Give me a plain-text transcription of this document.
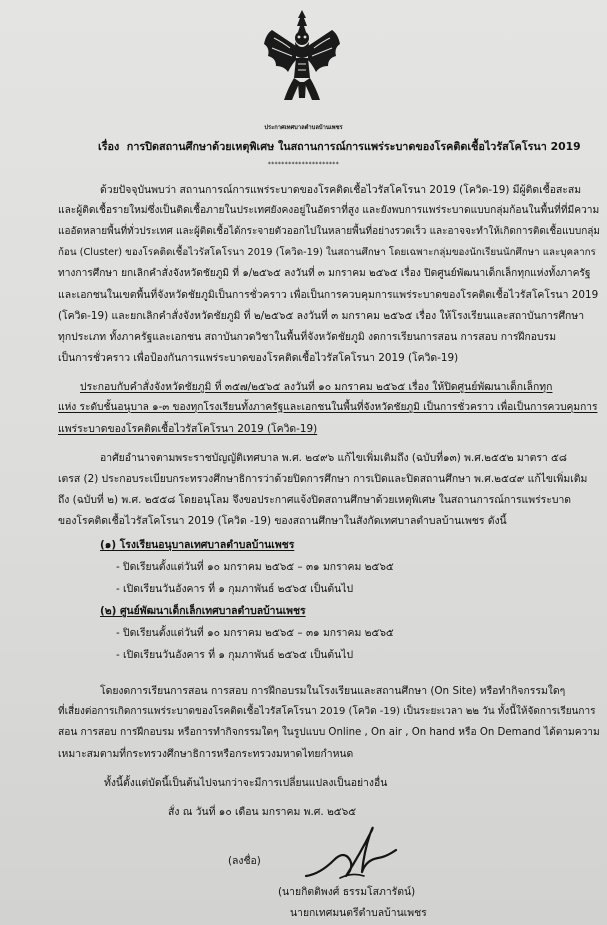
ประกาศเทศบาลตำบลบ้านเพชร
เรื่อง การปิดสถานศึกษาด้วยเหตุพิเศษ ในสถานการณ์การแพร่ระบาดของโรคติดเชื้อไวรัสโคโรนา 2019
*********************
ด้วยปัจจุบันพบว่า สถานการณ์การแพร่ระบาดของโรคติดเชื้อไวรัสโคโรนา 2019 (โควิด-19) มีผู้ติดเชื้อสะสม
และผู้ติดเชื้อรายใหม่ซึ่งเป็นติดเชื้อภายในประเทศยังคงอยู่ในอัตราที่สูง และยังพบการแพร่ระบาดแบบกลุ่มก้อนในพื้นที่ที่มีความ
แออัดหลายพื้นที่ทั่วประเทศ และผู้ติดเชื้อได้กระจายตัวออกไปในหลายพื้นที่อย่างรวดเร็ว และอาจจะทำให้เกิดการติดเชื้อแบบกลุ่ม
ก้อน (Cluster) ของโรคติดเชื้อไวรัสโคโรนา 2019 (โควิด-19) ในสถานศึกษา โดยเฉพาะกลุ่มของนักเรียนนักศึกษา และบุคลากร
ทางการศึกษา ยกเลิกคำสั่งจังหวัดชัยภูมิ ที่ ๑/๒๕๖๕ ลงวันที่ ๓ มกราคม ๒๕๖๕ เรื่อง ปิดศูนย์พัฒนาเด็กเล็กทุกแห่งทั้งภาครัฐ
และเอกชนในเขตพื้นที่จังหวัดชัยภูมิเป็นการชั่วคราว เพื่อเป็นการควบคุมการแพร่ระบาดของโรคติดเชื้อไวรัสโคโรนา 2019
(โควิด-19) และยกเลิกคำสั่งจังหวัดชัยภูมิ ที่ ๒/๒๕๖๕ ลงวันที่ ๓ มกราคม ๒๕๖๕ เรื่อง ให้โรงเรียนและสถาบันการศึกษา
ทุกประเภท ทั้งภาครัฐและเอกชน สถาบันกวดวิชาในพื้นที่จังหวัดชัยภูมิ งดการเรียนการสอน การสอบ การฝึกอบรม
เป็นการชั่วคราว เพื่อป้องกันการแพร่ระบาดของโรคติดเชื้อไวรัสโคโรนา 2019 (โควิด-19)
ประกอบกับคำสั่งจังหวัดชัยภูมิ ที่ ๓๕๗/๒๕๖๕ ลงวันที่ ๑๐ มกราคม ๒๕๖๕ เรื่อง ให้ปิดศูนย์พัฒนาเด็กเล็กทุก
แห่ง ระดับชั้นอนุบาล ๑-๓ ของทุกโรงเรียนทั้งภาครัฐและเอกชนในพื้นที่จังหวัดชัยภูมิ เป็นการชั่วคราว เพื่อเป็นการควบคุมการ
แพร่ระบาดของโรคติดเชื้อไวรัสโคโรนา 2019 (โควิด-19)
อาศัยอำนาจตามพระราชบัญญัติเทศบาล พ.ศ. ๒๔๙๖ แก้ไขเพิ่มเติมถึง (ฉบับที่๑๓) พ.ศ.๒๕๕๒ มาตรา ๕๘
เตรส (2) ประกอบระเบียบกระทรวงศึกษาธิการว่าด้วยปิดการศึกษา การเปิดและปิดสถานศึกษา พ.ศ.๒๕๔๙ แก้ไขเพิ่มเติม
ถึง (ฉบับที่ ๒) พ.ศ. ๒๕๕๘ โดยอนุโลม จึงขอประกาศแจ้งปิดสถานศึกษาด้วยเหตุพิเศษ ในสถานการณ์การแพร่ระบาด
ของโรคติดเชื้อไวรัสโคโรนา 2019 (โควิด -19) ของสถานศึกษาในสังกัดเทศบาลตำบลบ้านเพชร ดังนี้
(๑) โรงเรียนอนุบาลเทศบาลตำบลบ้านเพชร
- ปิดเรียนตั้งแต่วันที่ ๑๐ มกราคม ๒๕๖๕ – ๓๑ มกราคม ๒๕๖๕
- เปิดเรียนวันอังคาร ที่ ๑ กุมภาพันธ์ ๒๕๖๕ เป็นต้นไป
(๒) ศูนย์พัฒนาเด็กเล็กเทศบาลตำบลบ้านเพชร
- ปิดเรียนตั้งแต่วันที่ ๑๐ มกราคม ๒๕๖๕ – ๓๑ มกราคม ๒๕๖๕
- เปิดเรียนวันอังคาร ที่ ๑ กุมภาพันธ์ ๒๕๖๕ เป็นต้นไป
โดยงดการเรียนการสอน การสอบ การฝึกอบรมในโรงเรียนและสถานศึกษา (On Site) หรือทำกิจกรรมใดๆ
ที่เสี่ยงต่อการเกิดการแพร่ระบาดของโรคติดเชื้อไวรัสโคโรนา 2019 (โควิด -19) เป็นระยะเวลา ๒๒ วัน ทั้งนี้ให้จัดการเรียนการ
สอน การสอบ การฝึกอบรม หรือการทำกิจกรรมใดๆ ในรูปแบบ Online , On air , On hand หรือ On Demand ได้ตามความ
เหมาะสมตามที่กระทรวงศึกษาธิการหรือกระทรวงมหาดไทยกำหนด
ทั้งนี้ตั้งแต่บัดนี้เป็นต้นไปจนกว่าจะมีการเปลี่ยนแปลงเป็นอย่างอื่น
สั่ง ณ วันที่ ๑๐ เดือน มกราคม พ.ศ. ๒๕๖๕
(ลงชื่อ)
(นายกิตติพงศ์ ธรรมโสภารัตน์)
นายกเทศมนตรีตำบลบ้านเพชร
